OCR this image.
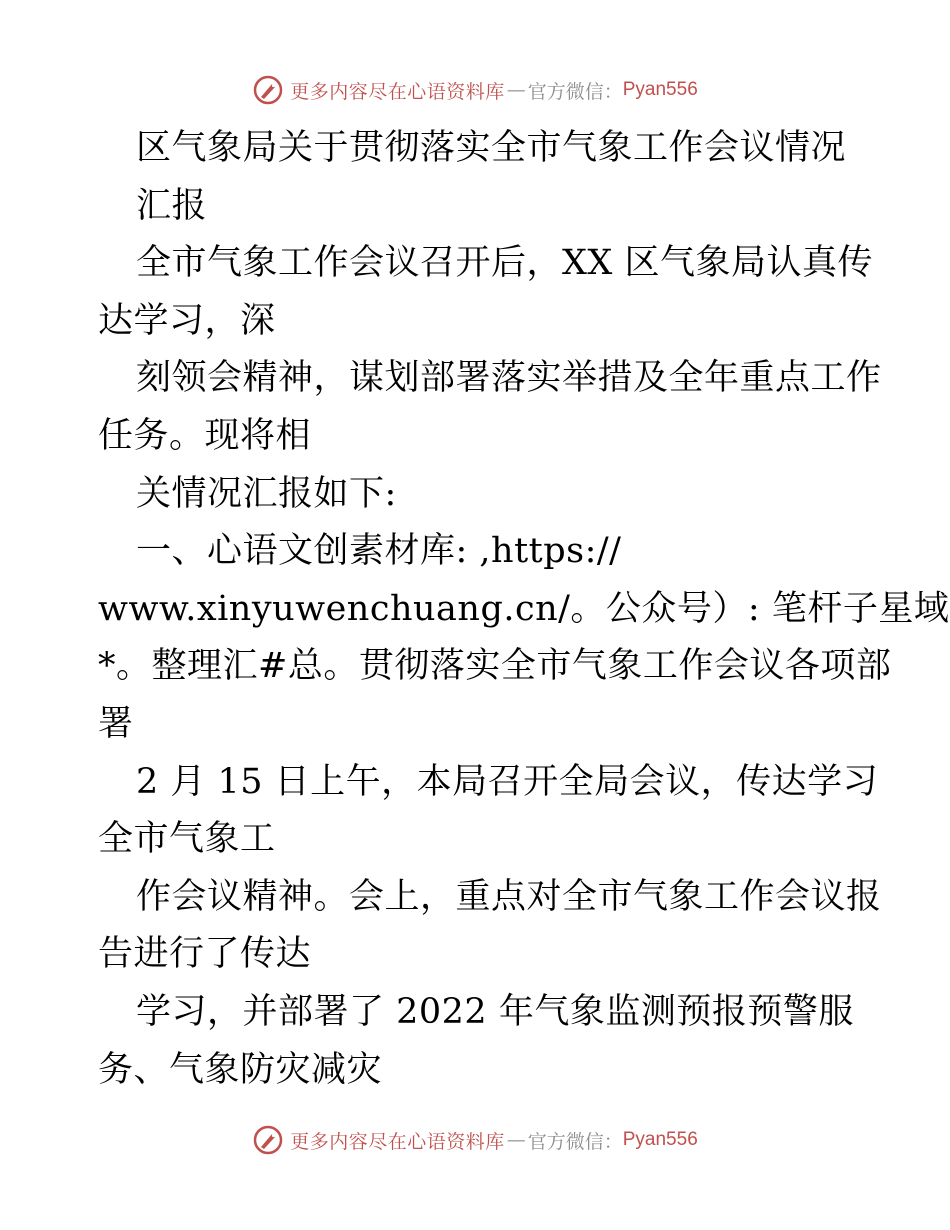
更多内容尽在心语资料库 — 官方微信： Pyan556
区气象局关于贯彻落实全市气象工作会议情况
汇报
全市气象工作会议召开后，XX 区气象局认真传
达学习，深
刻领会精神，谋划部署落实举措及全年重点工作
任务。现将相
关情况汇报如下:
一、心语文创素材库: ,https://
www.xinyuwenchuang.cn/。公众号）: 笔杆子星域
*。整理汇#总。贯彻落实全市气象工作会议各项部
署
2 月 15 日上午，本局召开全局会议，传达学习
全市气象工
作会议精神。会上，重点对全市气象工作会议报
告进行了传达
学习，并部署了 2022 年气象监测预报预警服
务、气象防灾减灾
更多内容尽在心语资料库 — 官方微信： Pyan556
